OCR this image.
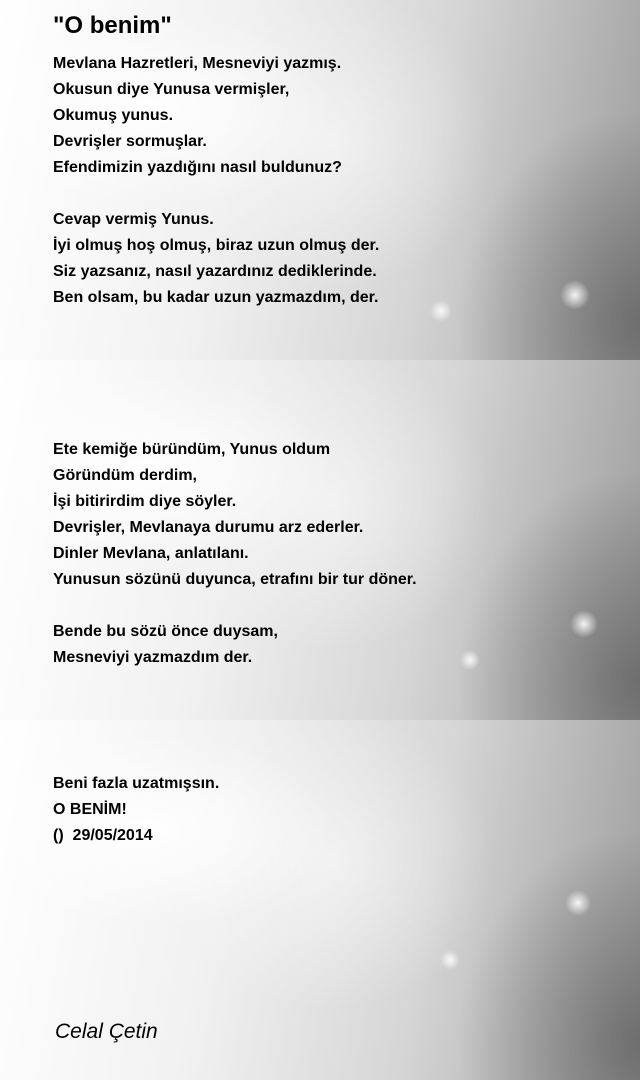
"O benim"
Mevlana Hazretleri, Mesneviyi yazmış.
Okusun diye Yunusa vermişler,
Okumuş yunus.
Devrişler sormuşlar.
Efendimizin yazdığını nasıl buldunuz?
Cevap vermiş Yunus.
İyi olmuş hoş olmuş, biraz uzun olmuş der.
Siz yazsanız, nasıl yazardınız dediklerinde.
Ben olsam, bu kadar uzun yazmazdım, der.
Ete kemiğe büründüm, Yunus oldum
Göründüm derdim,
İşi bitirirdim diye söyler.
Devrişler, Mevlanaya durumu arz ederler.
Dinler Mevlana, anlatılanı.
Yunusun sözünü duyunca, etrafını bir tur döner.
Bende bu sözü önce duysam,
Mesneviyi yazmazdım der.
Beni fazla uzatmışsın.
O BENİM!
()  29/05/2014
Celal Çetin
